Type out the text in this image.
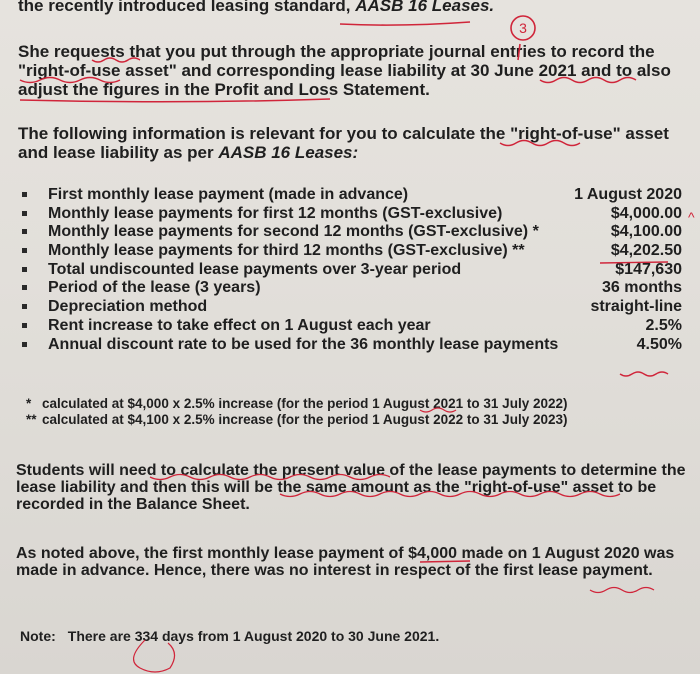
the recently introduced leasing standard, AASB 16 Leases.
She requests that you put through the appropriate journal entries to record the "right-of-use asset" and corresponding lease liability at 30 June 2021 and to also adjust the figures in the Profit and Loss Statement.
The following information is relevant for you to calculate the "right-of-use" asset and lease liability as per AASB 16 Leases:
First monthly lease payment (made in advance)	1 August 2020
Monthly lease payments for first 12 months (GST-exclusive)	$4,000.00
Monthly lease payments for second 12 months (GST-exclusive) *	$4,100.00
Monthly lease payments for third 12 months (GST-exclusive) **	$4,202.50
Total undiscounted lease payments over 3-year period	$147,630
Period of the lease (3 years)	36 months
Depreciation method	straight-line
Rent increase to take effect on 1 August each year	2.5%
Annual discount rate to be used for the 36 monthly lease payments	4.50%
* calculated at $4,000 x 2.5% increase (for the period 1 August 2021 to 31 July 2022)
** calculated at $4,100 x 2.5% increase (for the period 1 August 2022 to 31 July 2023)
Students will need to calculate the present value of the lease payments to determine the lease liability and then this will be the same amount as the "right-of-use" asset to be recorded in the Balance Sheet.
As noted above, the first monthly lease payment of $4,000 made on 1 August 2020 was made in advance. Hence, there was no interest in respect of the first lease payment.
Note: There are 334 days from 1 August 2020 to 30 June 2021.
3
^
